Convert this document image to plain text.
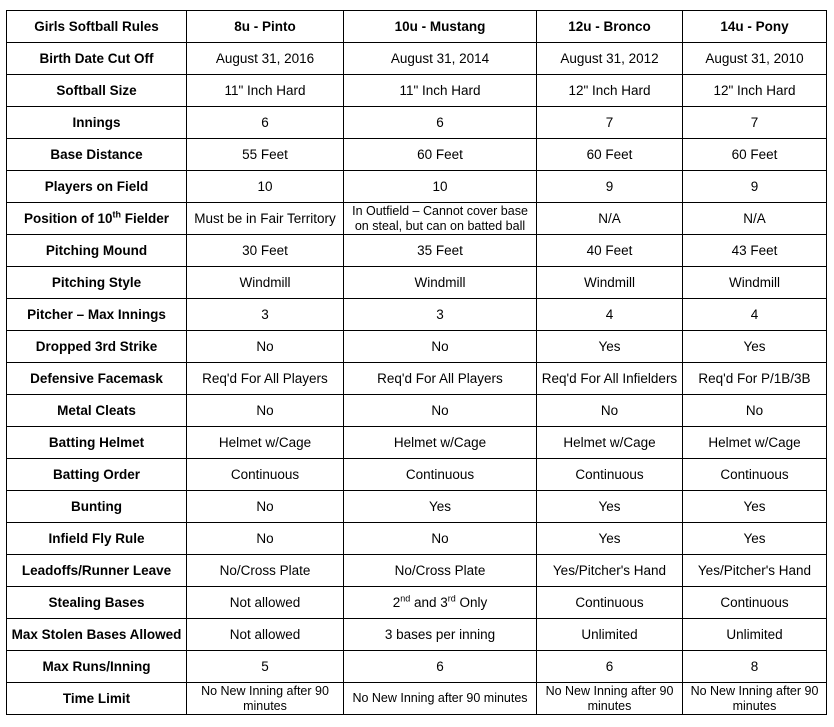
Girls Softball Rules	8u - Pinto	10u - Mustang	12u - Bronco	14u - Pony
Birth Date Cut Off	August 31, 2016	August 31, 2014	August 31, 2012	August 31, 2010
Softball Size	11" Inch Hard	11" Inch Hard	12" Inch Hard	12" Inch Hard
Innings	6	6	7	7
Base Distance	55 Feet	60 Feet	60 Feet	60 Feet
Players on Field	10	10	9	9
Position of 10th Fielder	Must be in Fair Territory	In Outfield – Cannot cover base on steal, but can on batted ball	N/A	N/A
Pitching Mound	30 Feet	35 Feet	40 Feet	43 Feet
Pitching Style	Windmill	Windmill	Windmill	Windmill
Pitcher – Max Innings	3	3	4	4
Dropped 3rd Strike	No	No	Yes	Yes
Defensive Facemask	Req'd For All Players	Req'd For All Players	Req'd For All Infielders	Req'd For P/1B/3B
Metal Cleats	No	No	No	No
Batting Helmet	Helmet w/Cage	Helmet w/Cage	Helmet w/Cage	Helmet w/Cage
Batting Order	Continuous	Continuous	Continuous	Continuous
Bunting	No	Yes	Yes	Yes
Infield Fly Rule	No	No	Yes	Yes
Leadoffs/Runner Leave	No/Cross Plate	No/Cross Plate	Yes/Pitcher's Hand	Yes/Pitcher's Hand
Stealing Bases	Not allowed	2nd and 3rd Only	Continuous	Continuous
Max Stolen Bases Allowed	Not allowed	3 bases per inning	Unlimited	Unlimited
Max Runs/Inning	5	6	6	8
Time Limit	No New Inning after 90 minutes	No New Inning after 90 minutes	No New Inning after 90 minutes	No New Inning after 90 minutes
